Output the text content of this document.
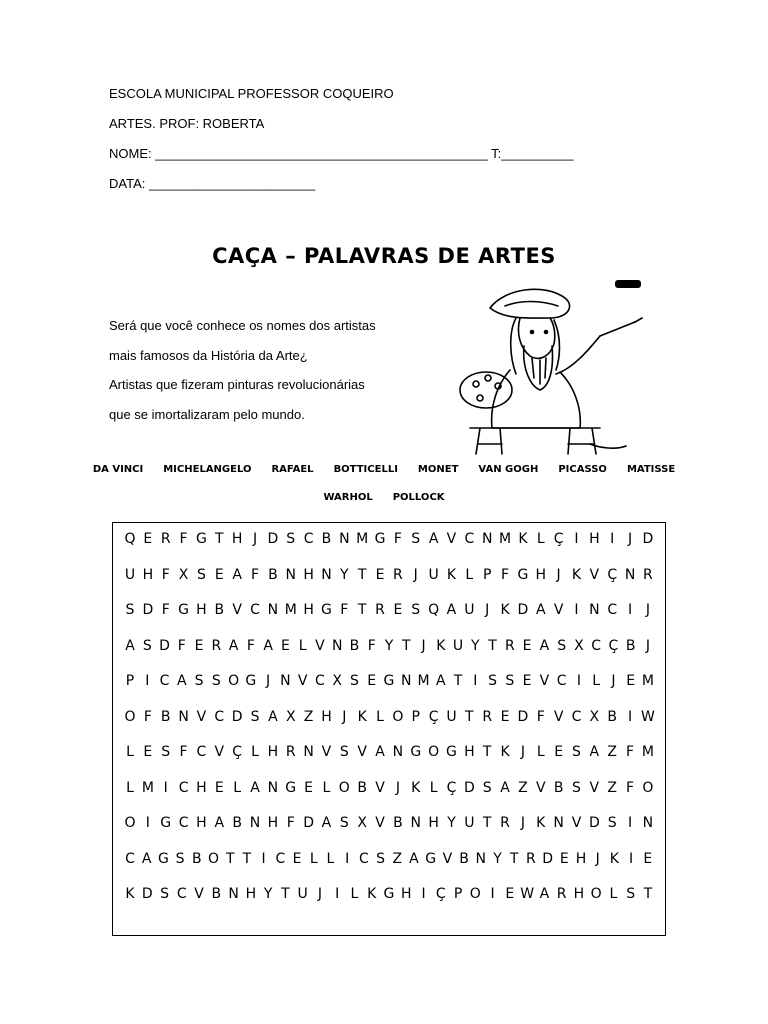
ESCOLA MUNICIPAL PROFESSOR COQUEIRO
ARTES. PROF: ROBERTA
NOME: ______________________________________________ T:__________
DATA: _______________________
CAÇA – PALAVRAS DE ARTES
Será que você conhece os nomes dos artistas
mais famosos da História da Arte¿
Artistas que fizeram pinturas revolucionárias
que se imortalizaram pelo mundo.
DA VINCI MICHELANGELO RAFAEL BOTTICELLI MONET VAN GOGH PICASSO MATISSE
WARHOL POLLOCK
Q E R F G T H J D S C B N M G F S A V C N M K L Ç I H I J D
U H F X S E A F B N H N Y T E R J U K L P F G H J K V Ç N R
S D F G H B V C N M H G F T R E S Q A U J K D A V I N C I J
A S D F E R A F A E L V N B F Y T J K U Y T R E A S X C Ç B J
P I C A S S O G J N V C X S E G N M A T I S S E V C I L J E M
O F B N V C D S A X Z H J K L O P Ç U T R E D F V C X B I W
L E S F C V Ç L H R N V S V A N G O G H T K J L E S A Z F M
L M I C H E L A N G E L O B V J K L Ç D S A Z V B S V Z F O
O I G C H A B N H F D A S X V B N H Y U T R J K N V D S I N
C A G S B O T T I C E L L I C S Z A G V B N Y T R D E H J K I E
K D S C V B N H Y T U J I L K G H I Ç P O I E W A R H O L S T
